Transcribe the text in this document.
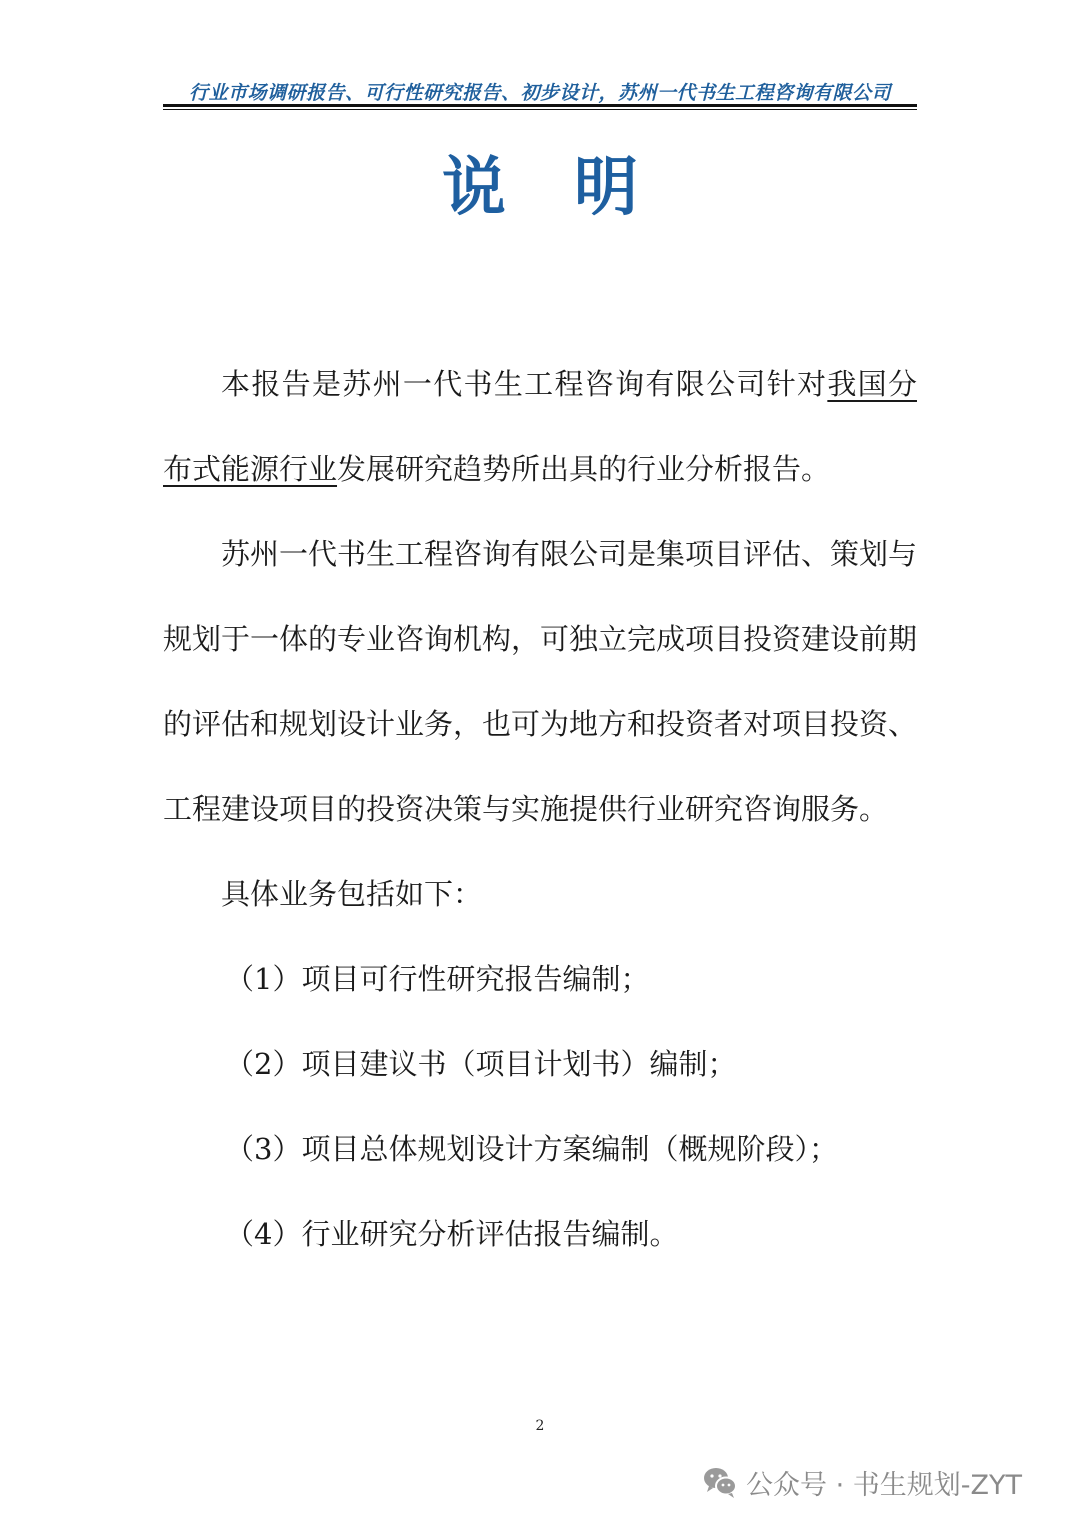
行业市场调研报告、可行性研究报告、初步设计，苏州一代书生工程咨询有限公司
说明

本报告是苏州一代书生工程咨询有限公司针对我国分布式能源行业发展研究趋势所出具的行业分析报告。

苏州一代书生工程咨询有限公司是集项目评估、策划与规划于一体的专业咨询机构，可独立完成项目投资建设前期的评估和规划设计业务，也可为地方和投资者对项目投资、工程建设项目的投资决策与实施提供行业研究咨询服务。

具体业务包括如下：

（1）项目可行性研究报告编制；

（2）项目建议书（项目计划书）编制；

（3）项目总体规划设计方案编制（概规阶段）；

（4）行业研究分析评估报告编制。

2
公众号 · 书生规划-ZYT
